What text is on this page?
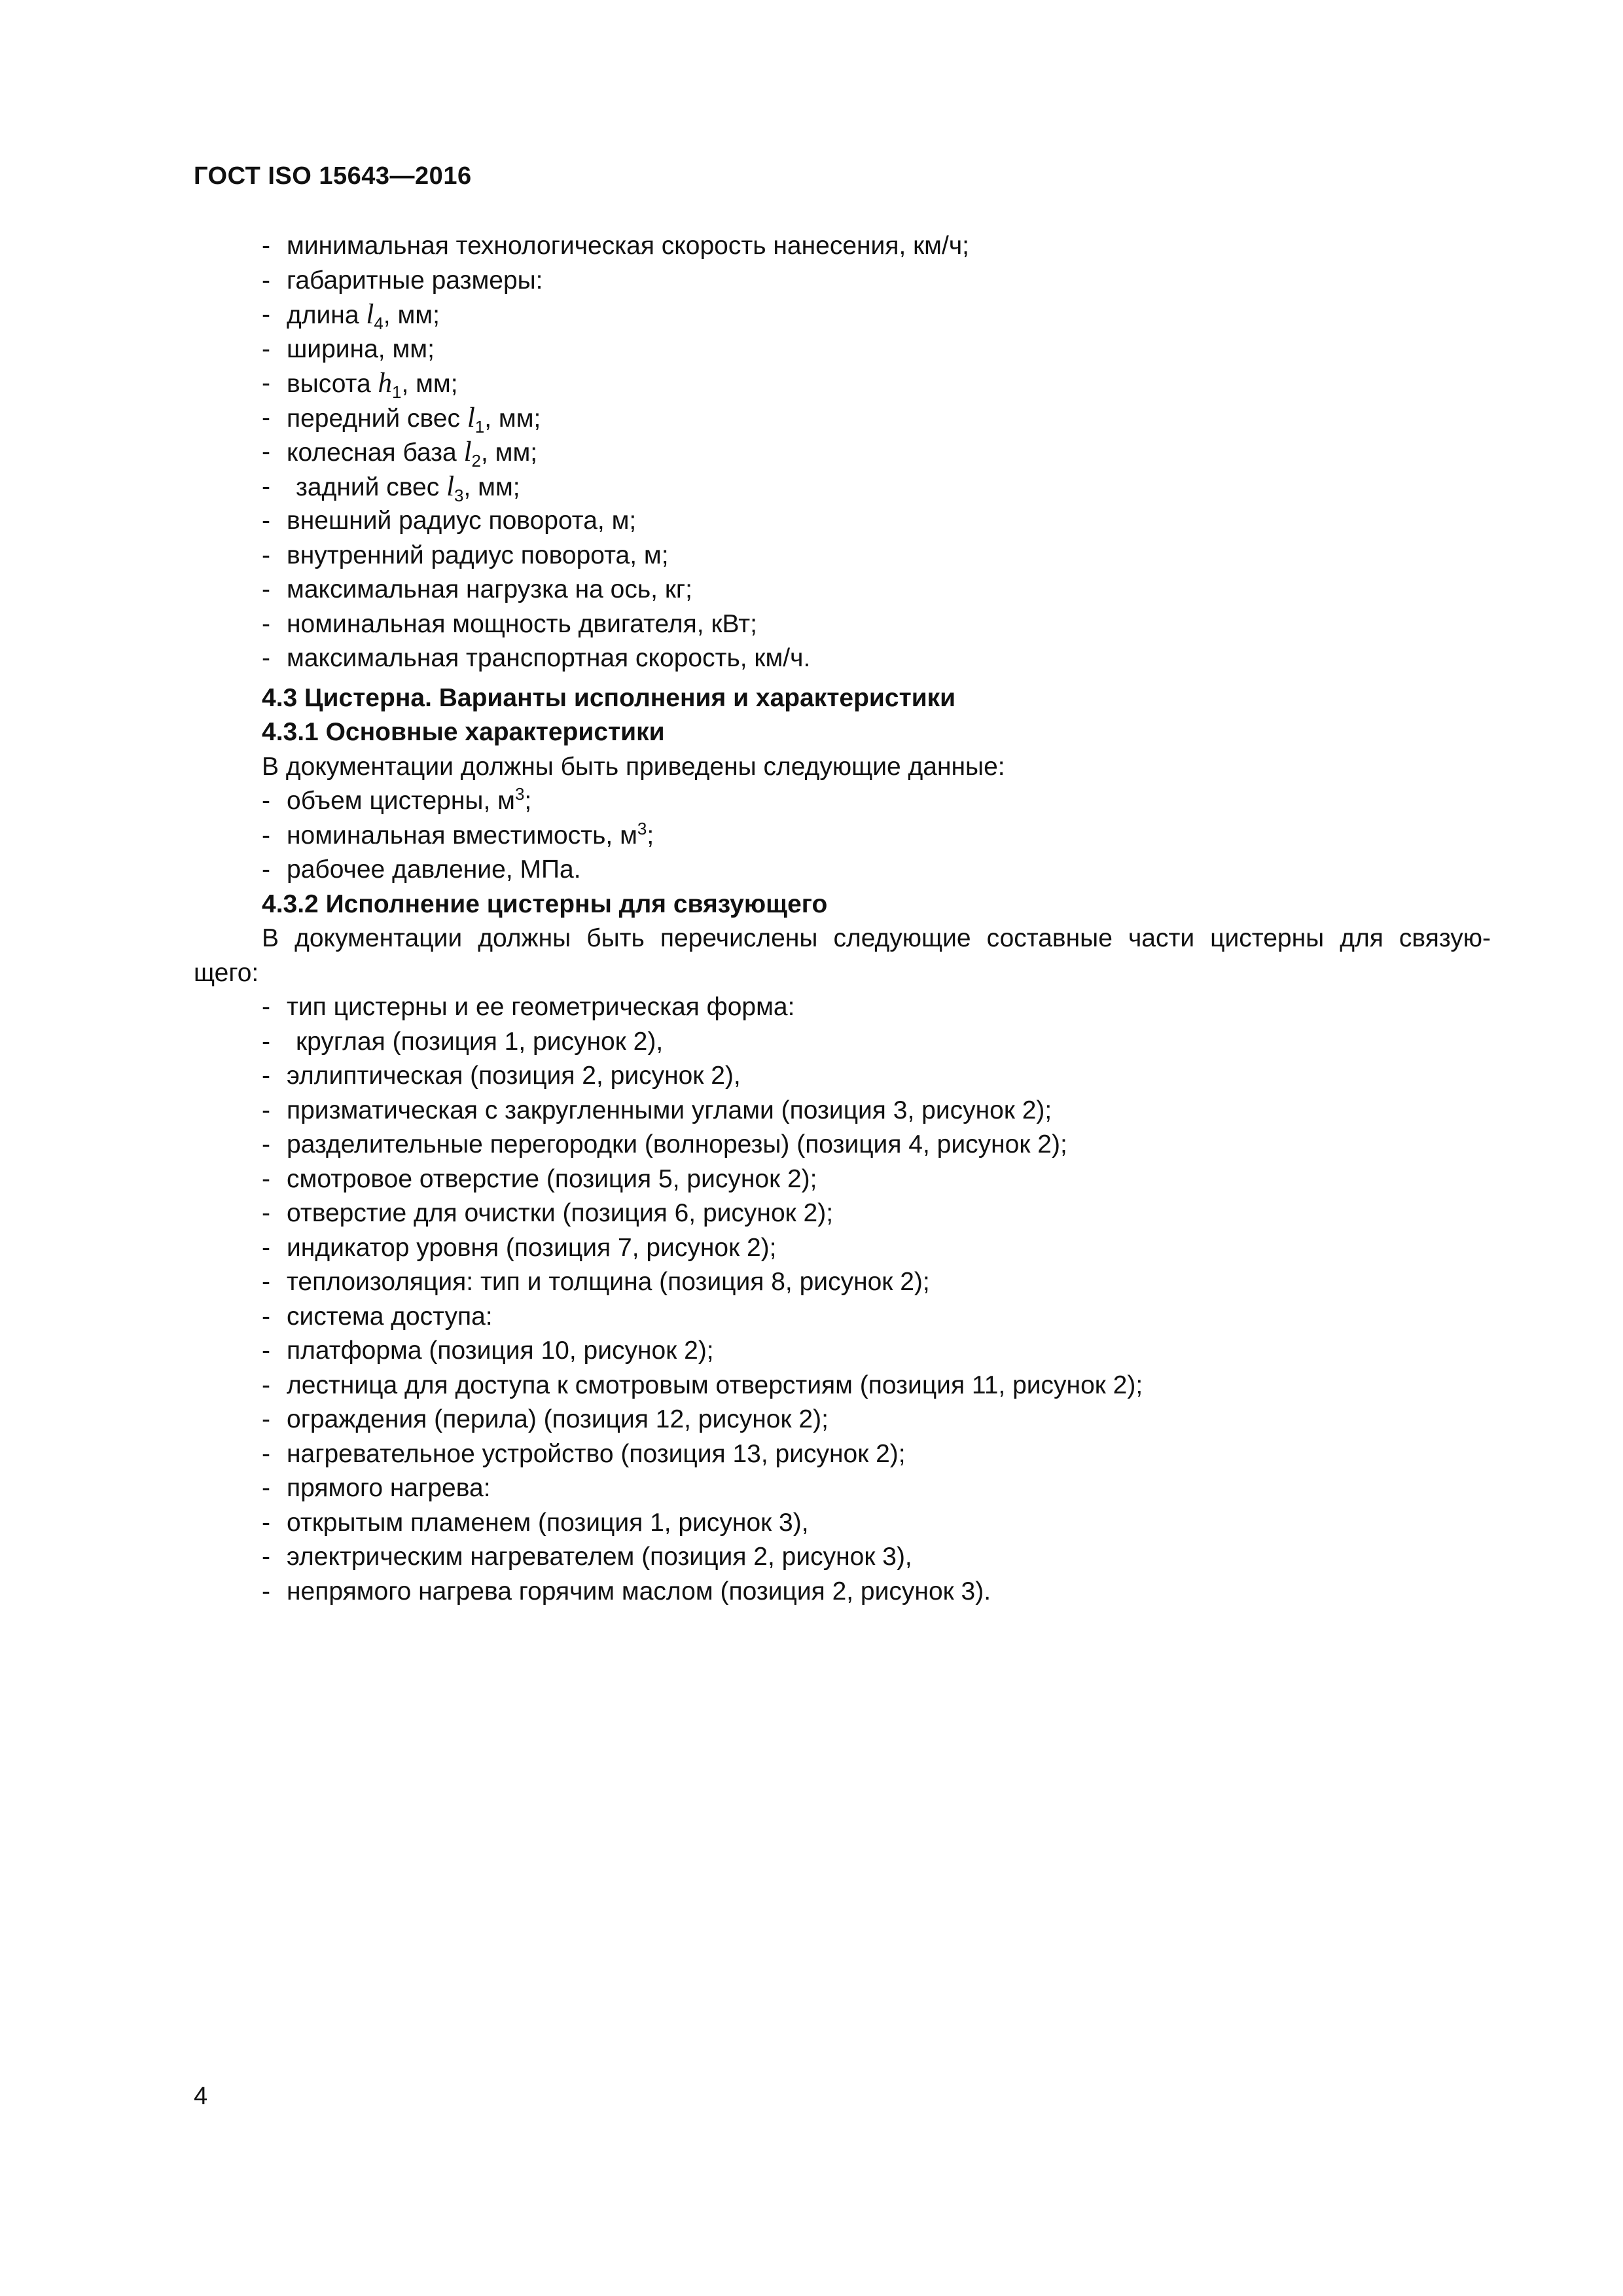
ГОСТ ISO 15643—2016
- минимальная технологическая скорость нанесения, км/ч;
- габаритные размеры:
- длина $l_4$, мм;
- ширина, мм;
- высота $h_1$, мм;
- передний свес $l_1$, мм;
- колесная база $l_2$, мм;
- задний свес $l_3$, мм;
- внешний радиус поворота, м;
- внутренний радиус поворота, м;
- максимальная нагрузка на ось, кг;
- номинальная мощность двигателя, кВт;
- максимальная транспортная скорость, км/ч.
4.3 Цистерна. Варианты исполнения и характеристики
4.3.1 Основные характеристики
В документации должны быть приведены следующие данные:
- объем цистерны, $м^3$;
- номинальная вместимость, $м^3$;
- рабочее давление, МПа.
4.3.2 Исполнение цистерны для связующего
В документации должны быть перечислены следующие составные части цистерны для связую-
щего:
- тип цистерны и ее геометрическая форма:
- круглая (позиция 1, рисунок 2),
- эллиптическая (позиция 2, рисунок 2),
- призматическая с закругленными углами (позиция 3, рисунок 2);
- разделительные перегородки (волнорезы) (позиция 4, рисунок 2);
- смотровое отверстие (позиция 5, рисунок 2);
- отверстие для очистки (позиция 6, рисунок 2);
- индикатор уровня (позиция 7, рисунок 2);
- теплоизоляция: тип и толщина (позиция 8, рисунок 2);
- система доступа:
- платформа (позиция 10, рисунок 2);
- лестница для доступа к смотровым отверстиям (позиция 11, рисунок 2);
- ограждения (перила) (позиция 12, рисунок 2);
- нагревательное устройство (позиция 13, рисунок 2);
- прямого нагрева:
- открытым пламенем (позиция 1, рисунок 3),
- электрическим нагревателем (позиция 2, рисунок 3),
- непрямого нагрева горячим маслом (позиция 2, рисунок 3).
4
